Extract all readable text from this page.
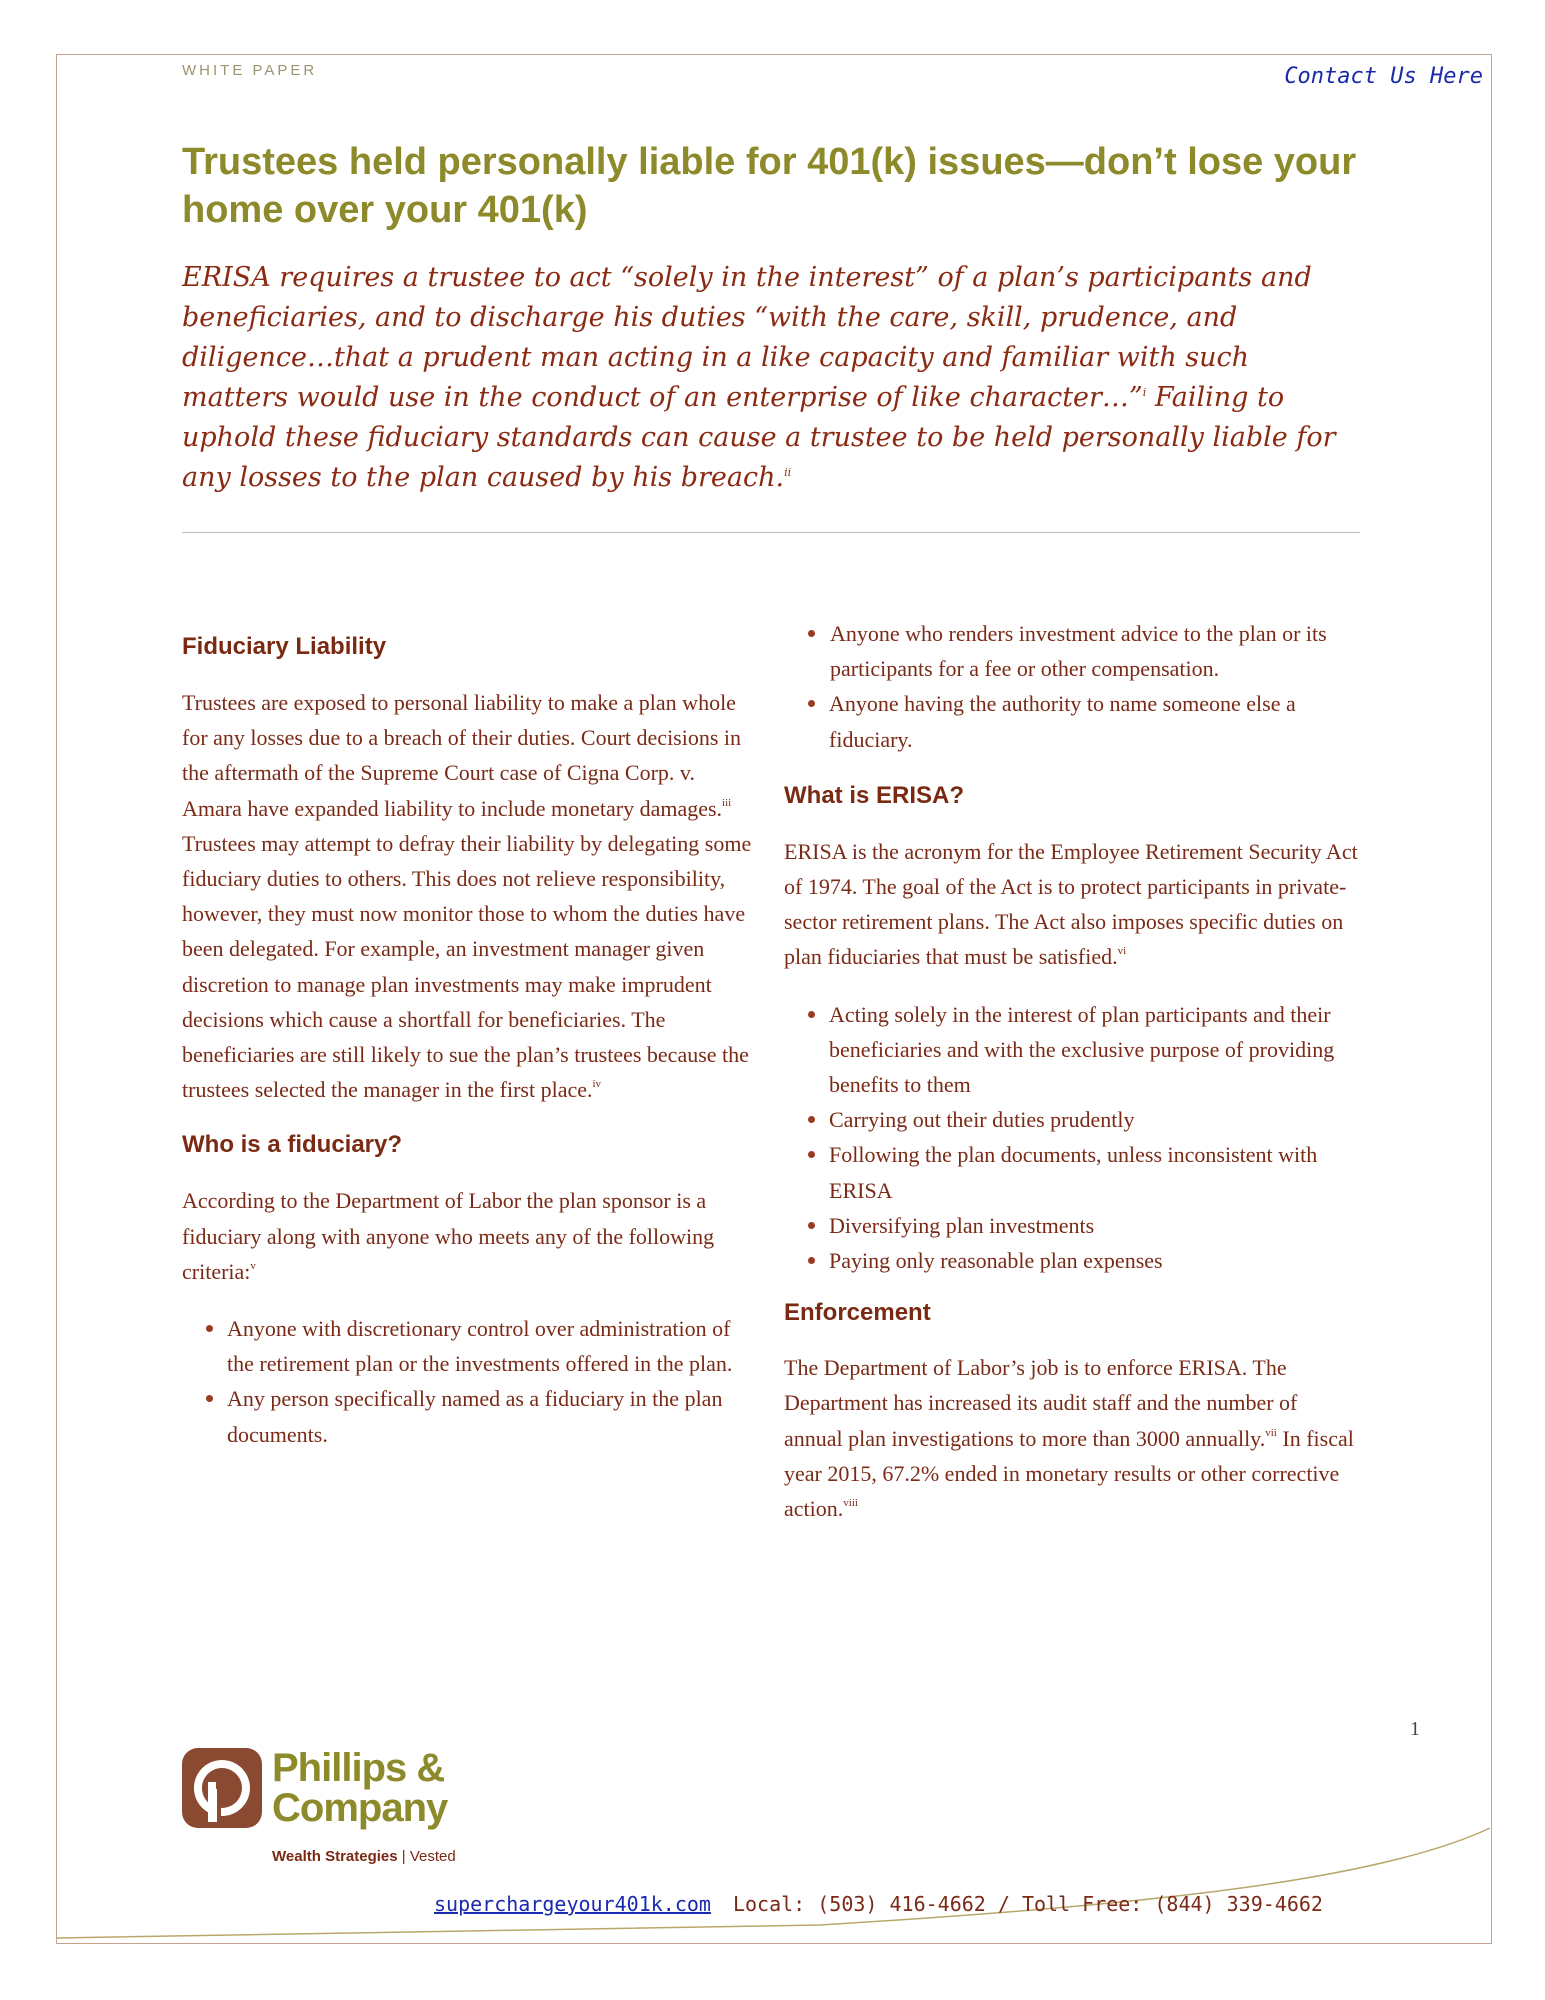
WHITE PAPER	Contact Us Here
Trustees held personally liable for 401(k) issues—don’t lose your home over your 401(k)

ERISA requires a trustee to act “solely in the interest” of a plan’s participants and beneficiaries, and to discharge his duties “with the care, skill, prudence, and diligence…that a prudent man acting in a like capacity and familiar with such matters would use in the conduct of an enterprise of like character…”$^i$ Failing to uphold these fiduciary standards can cause a trustee to be held personally liable for any losses to the plan caused by his breach.$^{ii}$

Fiduciary Liability

Trustees are exposed to personal liability to make a plan whole for any losses due to a breach of their duties. Court decisions in the aftermath of the Supreme Court case of Cigna Corp. v. Amara have expanded liability to include monetary damages.$^{iii}$ Trustees may attempt to defray their liability by delegating some fiduciary duties to others. This does not relieve responsibility, however, they must now monitor those to whom the duties have been delegated. For example, an investment manager given discretion to manage plan investments may make imprudent decisions which cause a shortfall for beneficiaries. The beneficiaries are still likely to sue the plan’s trustees because the trustees selected the manager in the first place.$^{iv}$

Who is a fiduciary?

According to the Department of Labor the plan sponsor is a fiduciary along with anyone who meets any of the following criteria:$^v$

Anyone with discretionary control over administration of the retirement plan or the investments offered in the plan.
Any person specifically named as a fiduciary in the plan documents.
Anyone who renders investment advice to the plan or its participants for a fee or other compensation.
Anyone having the authority to name someone else a fiduciary.
What is ERISA?

ERISA is the acronym for the Employee Retirement Security Act of 1974. The goal of the Act is to protect participants in private-sector retirement plans. The Act also imposes specific duties on plan fiduciaries that must be satisfied.$^{vi}$

Acting solely in the interest of plan participants and their beneficiaries and with the exclusive purpose of providing benefits to them
Carrying out their duties prudently
Following the plan documents, unless inconsistent with ERISA
Diversifying plan investments
Paying only reasonable plan expenses
Enforcement

The Department of Labor’s job is to enforce ERISA. The Department has increased its audit staff and the number of annual plan investigations to more than 3000 annually.$^{vii}$ In fiscal year 2015, 67.2% ended in monetary results or other corrective action.$^{viii}$

1
Phillips &
Company
Wealth Strategies | Vested
superchargeyour401k.com Local: (503) 416-4662 / Toll Free: (844) 339-4662
